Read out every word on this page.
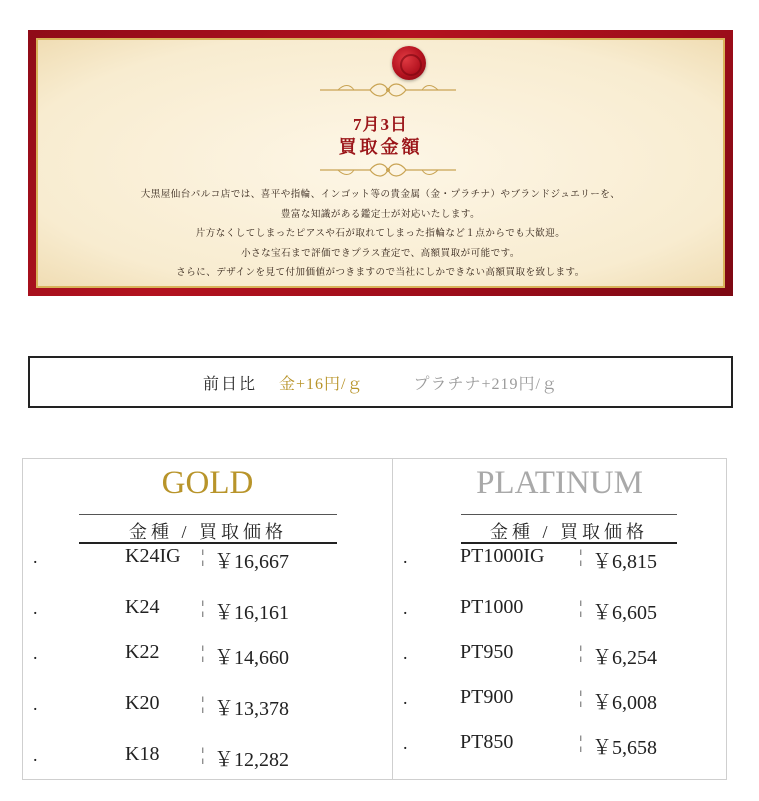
7月3日
買取金額
大黒屋仙台パルコ店では、喜平や指輪、インゴット等の貴金属（金・プラチナ）やブランドジュエリーを、
豊富な知識がある鑑定士が対応いたします。
片方なくしてしまったピアスや石が取れてしまった指輪など１点からでも大歓迎。
小さな宝石まで評価できプラス査定で、高額買取が可能です。
さらに、デザインを見て付加価値がつきますので当社にしかできない高額買取を致します。
前日比 金+16円/ｇ	プラチナ+219円/ｇ
GOLD
金種 / 買取価格
.	K24IG ¦ ￥16,667
.	K24 ¦ ￥16,161
.	K22 ¦ ￥14,660
.	K20 ¦ ￥13,378
.	K18 ¦ ￥12,282
PLATINUM
金種 / 買取価格
.	PT1000IG ¦ ￥6,815
.	PT1000	¦ ￥6,605
.	PT950	¦ ￥6,254
.	PT900	¦ ￥6,008
.	PT850	¦ ￥5,658
